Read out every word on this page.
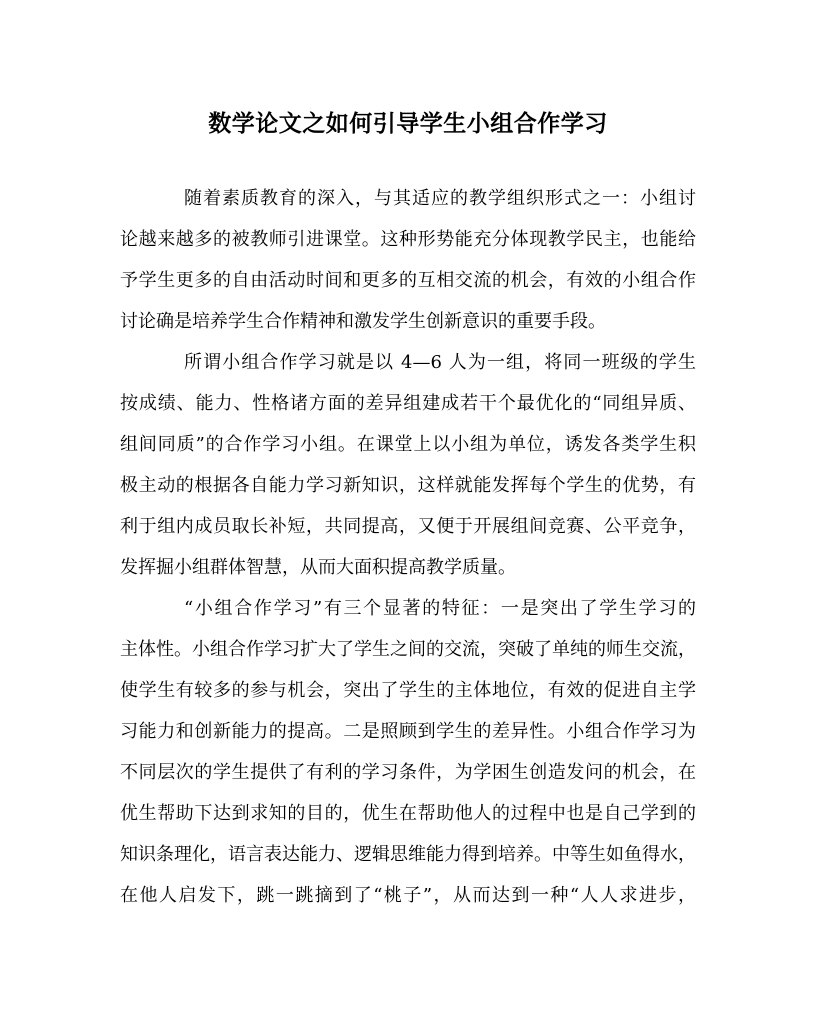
数学论文之如何引导学生小组合作学习
随着素质教育的深入，与其适应的教学组织形式之一：小组讨
论越来越多的被教师引进课堂。这种形势能充分体现教学民主，也能给
予学生更多的自由活动时间和更多的互相交流的机会，有效的小组合作
讨论确是培养学生合作精神和激发学生创新意识的重要手段。
所谓小组合作学习就是以 4—6 人为一组，将同一班级的学生
按成绩、能力、性格诸方面的差异组建成若干个最优化的“同组异质、
组间同质”的合作学习小组。在课堂上以小组为单位，诱发各类学生积
极主动的根据各自能力学习新知识，这样就能发挥每个学生的优势，有
利于组内成员取长补短，共同提高，又便于开展组间竞赛、公平竞争，
发挥掘小组群体智慧，从而大面积提高教学质量。
“小组合作学习”有三个显著的特征：一是突出了学生学习的
主体性。小组合作学习扩大了学生之间的交流，突破了单纯的师生交流，
使学生有较多的参与机会，突出了学生的主体地位，有效的促进自主学
习能力和创新能力的提高。二是照顾到学生的差异性。小组合作学习为
不同层次的学生提供了有利的学习条件，为学困生创造发问的机会，在
优生帮助下达到求知的目的，优生在帮助他人的过程中也是自己学到的
知识条理化，语言表达能力、逻辑思维能力得到培养。中等生如鱼得水，
在他人启发下，跳一跳摘到了“桃子”，从而达到一种“人人求进步，
